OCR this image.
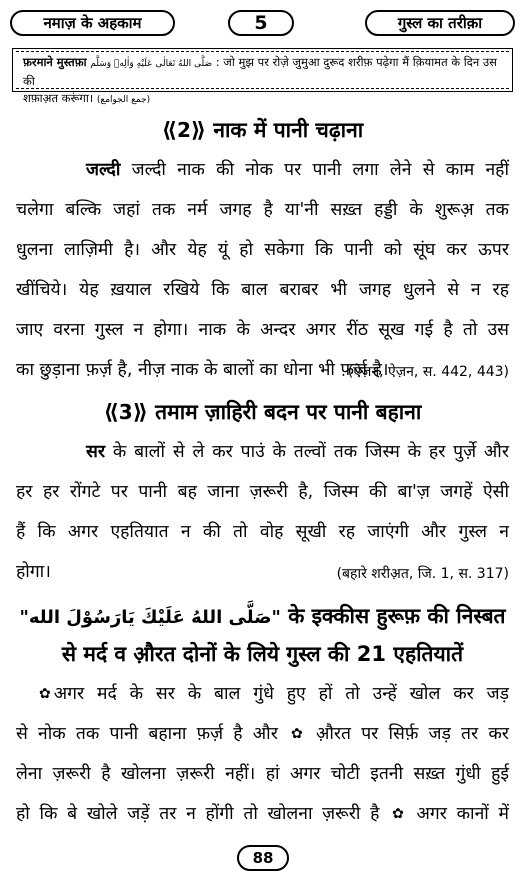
नमाज़ के अहकाम	5	गुस्ल का तरीक़ा
फ़रमाने मुस्तफ़ा صَلَّى اللهُ تَعَالٰى عَلَيْهِ وَاٰلِهٖ وَسَلَّم : जो मुझ पर रोज़े जुमुआ दुरूद शरीफ़ पढ़ेगा मैं क़ियामत के दिन उस की
शफ़ाअ़त करूंगा। (جمع الجوامع)
⟪2⟫ नाक में पानी चढ़ाना
जल्दी जल्दी नाक की नोक पर पानी लगा लेने से काम नहीं
चलेगा बल्कि जहां तक नर्म जगह है या'नी सख़्त हड्डी के शुरूअ़ तक
धुलना लाज़िमी है। और येह यूं हो सकेगा कि पानी को सूंघ कर ऊपर
खींचिये। येह ख़याल रखिये कि बाल बराबर भी जगह धुलने से न रह
जाए वरना गुस्ल न होगा। नाक के अन्दर अगर रींठ सूख गई है तो उस
का छुड़ाना फ़र्ज़ है, नीज़ नाक के बालों का धोना भी फ़र्ज़ है।
(ऐज़न, ऐज़न, स. 442, 443)
⟪3⟫ तमाम ज़ाहिरी बदन पर पानी बहाना
सर के बालों से ले कर पाउं के तल्वों तक जिस्म के हर पुर्ज़े और
हर हर रोंगटे पर पानी बह जाना ज़रूरी है, जिस्म की बा'ज़ जगहें ऐसी
हैं कि अगर एहतियात न की तो वोह सूखी रह जाएंगी और गुस्ल न
होगा।	(बहारे शरीअ़त, जि. 1, स. 317)
"صَلَّى اللهُ عَلَيْكَ يَارَسُوْلَ الله" के इक्कीस हुरूफ़ की निस्बत
से मर्द व औ़रत दोनों के लिये गुस्ल की 21 एहतियातें
✿ अगर मर्द के सर के बाल गुंधे हुए हों तो उन्हें खोल कर जड़
से नोक तक पानी बहाना फ़र्ज़ है और ✿ औ़रत पर सिर्फ़ जड़ तर कर
लेना ज़रूरी है खोलना ज़रूरी नहीं। हां अगर चोटी इतनी सख़्त गुंधी हुई
हो कि बे खोले जड़ें तर न होंगी तो खोलना ज़रूरी है ✿ अगर कानों में
88
